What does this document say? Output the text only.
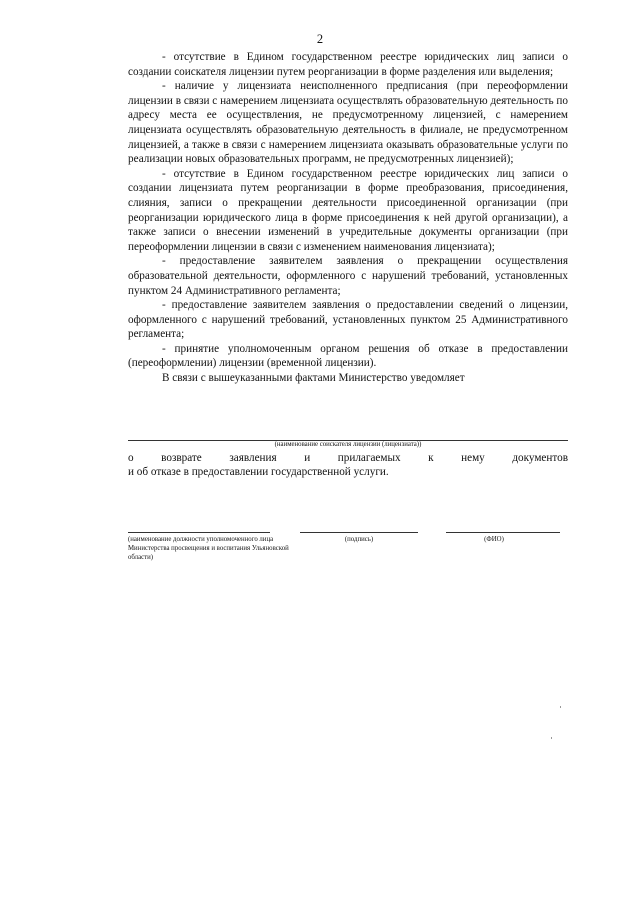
2

- отсутствие в Едином государственном реестре юридических лиц записи о создании соискателя лицензии путем реорганизации в форме разделения или выделения;

- наличие у лицензиата неисполненного предписания (при переоформлении лицензии в связи с намерением лицензиата осуществлять образовательную деятельность по адресу места ее осуществления, не предусмотренному лицензией, с намерением лицензиата осуществлять образовательную деятельность в филиале, не предусмотренном лицензией, а также в связи с намерением лицензиата оказывать образовательные услуги по реализации новых образовательных программ, не предусмотренных лицензией);

- отсутствие в Едином государственном реестре юридических лиц записи о создании лицензиата путем реорганизации в форме преобразования, присоединения, слияния, записи о прекращении деятельности присоединенной организации (при реорганизации юридического лица в форме присоединения к ней другой организации), а также записи о внесении изменений в учредительные документы организации (при переоформлении лицензии в связи с изменением наименования лицензиата);

- предоставление заявителем заявления о прекращении осуществления образовательной деятельности, оформленного с нарушений требований, установленных пунктом 24 Административного регламента;

- предоставление заявителем заявления о предоставлении сведений о лицензии, оформленного с нарушений требований, установленных пунктом 25 Административного регламента;

- принятие уполномоченным органом решения об отказе в предоставлении (переоформлении) лицензии (временной лицензии).

В связи с вышеуказанными фактами Министерство уведомляет

(наименование соискателя лицензии (лицензиата))
о возврате заявления и прилагаемых к нему документов
и об отказе в предоставлении государственной услуги.
(наименование должности уполномоченного лица Министерства просвещения и воспитания Ульяновской области)
(подпись)	(ФИО)
